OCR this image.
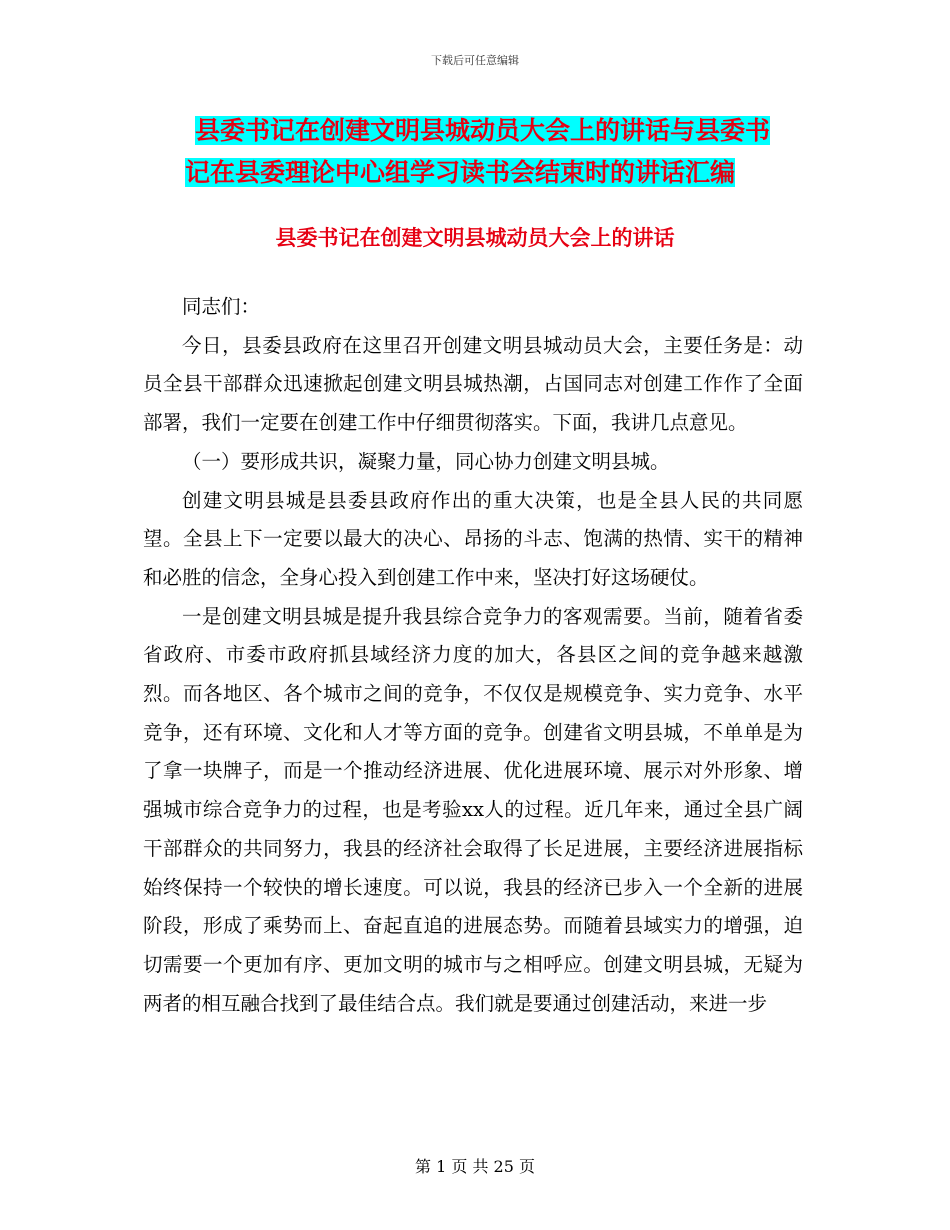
下载后可任意编辑
县委书记在创建文明县城动员大会上的讲话与县委书
记在县委理论中心组学习读书会结束时的讲话汇编
县委书记在创建文明县城动员大会上的讲话

同志们：

今日，县委县政府在这里召开创建文明县城动员大会，主要任务是：动员全县干部群众迅速掀起创建文明县城热潮，占国同志对创建工作作了全面部署，我们一定要在创建工作中仔细贯彻落实。下面，我讲几点意见。

（一）要形成共识，凝聚力量，同心协力创建文明县城。

创建文明县城是县委县政府作出的重大决策，也是全县人民的共同愿望。全县上下一定要以最大的决心、昂扬的斗志、饱满的热情、实干的精神和必胜的信念，全身心投入到创建工作中来，坚决打好这场硬仗。

一是创建文明县城是提升我县综合竞争力的客观需要。当前，随着省委省政府、市委市政府抓县域经济力度的加大，各县区之间的竞争越来越激烈。而各地区、各个城市之间的竞争，不仅仅是规模竞争、实力竞争、水平竞争，还有环境、文化和人才等方面的竞争。创建省文明县城，不单单是为了拿一块牌子，而是一个推动经济进展、优化进展环境、展示对外形象、增强城市综合竞争力的过程，也是考验xx人的过程。近几年来，通过全县广阔干部群众的共同努力，我县的经济社会取得了长足进展，主要经济进展指标始终保持一个较快的增长速度。可以说，我县的经济已步入一个全新的进展阶段，形成了乘势而上、奋起直追的进展态势。而随着县域实力的增强，迫切需要一个更加有序、更加文明的城市与之相呼应。创建文明县城，无疑为两者的相互融合找到了最佳结合点。我们就是要通过创建活动，来进一步

第 1 页 共 25 页
